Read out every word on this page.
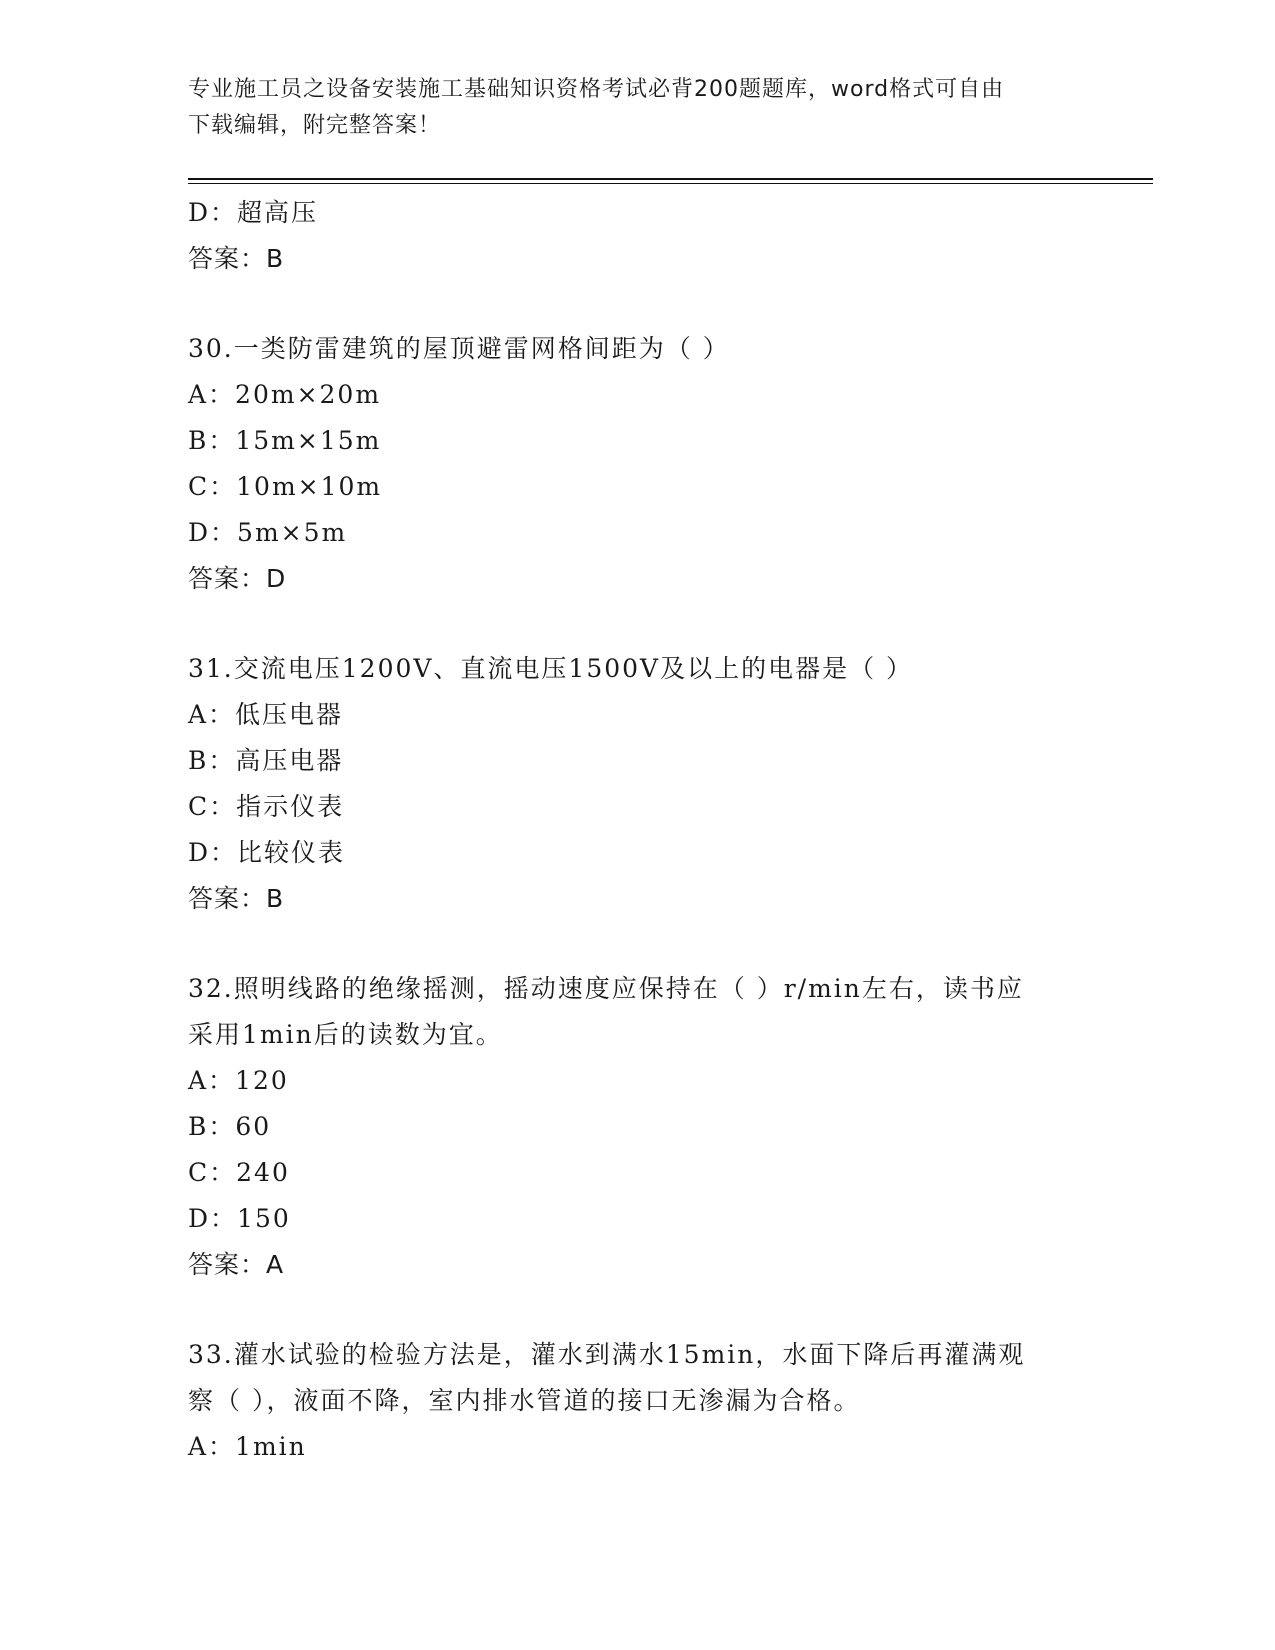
专业施工员之设备安装施工基础知识资格考试必背200题题库，word格式可自由

下载编辑，附完整答案！

D：超高压

答案：B

30.一类防雷建筑的屋顶避雷网格间距为（ ）

A：20m×20m

B：15m×15m

C：10m×10m

D：5m×5m

答案：D

31.交流电压1200V、直流电压1500V及以上的电器是（ ）

A：低压电器

B：高压电器

C：指示仪表

D：比较仪表

答案：B

32.照明线路的绝缘摇测，摇动速度应保持在（ ）r/min左右，读书应

采用1min后的读数为宜。

A：120

B：60

C：240

D：150

答案：A

33.灌水试验的检验方法是，灌水到满水15min，水面下降后再灌满观

察（ ），液面不降，室内排水管道的接口无渗漏为合格。

A：1min
